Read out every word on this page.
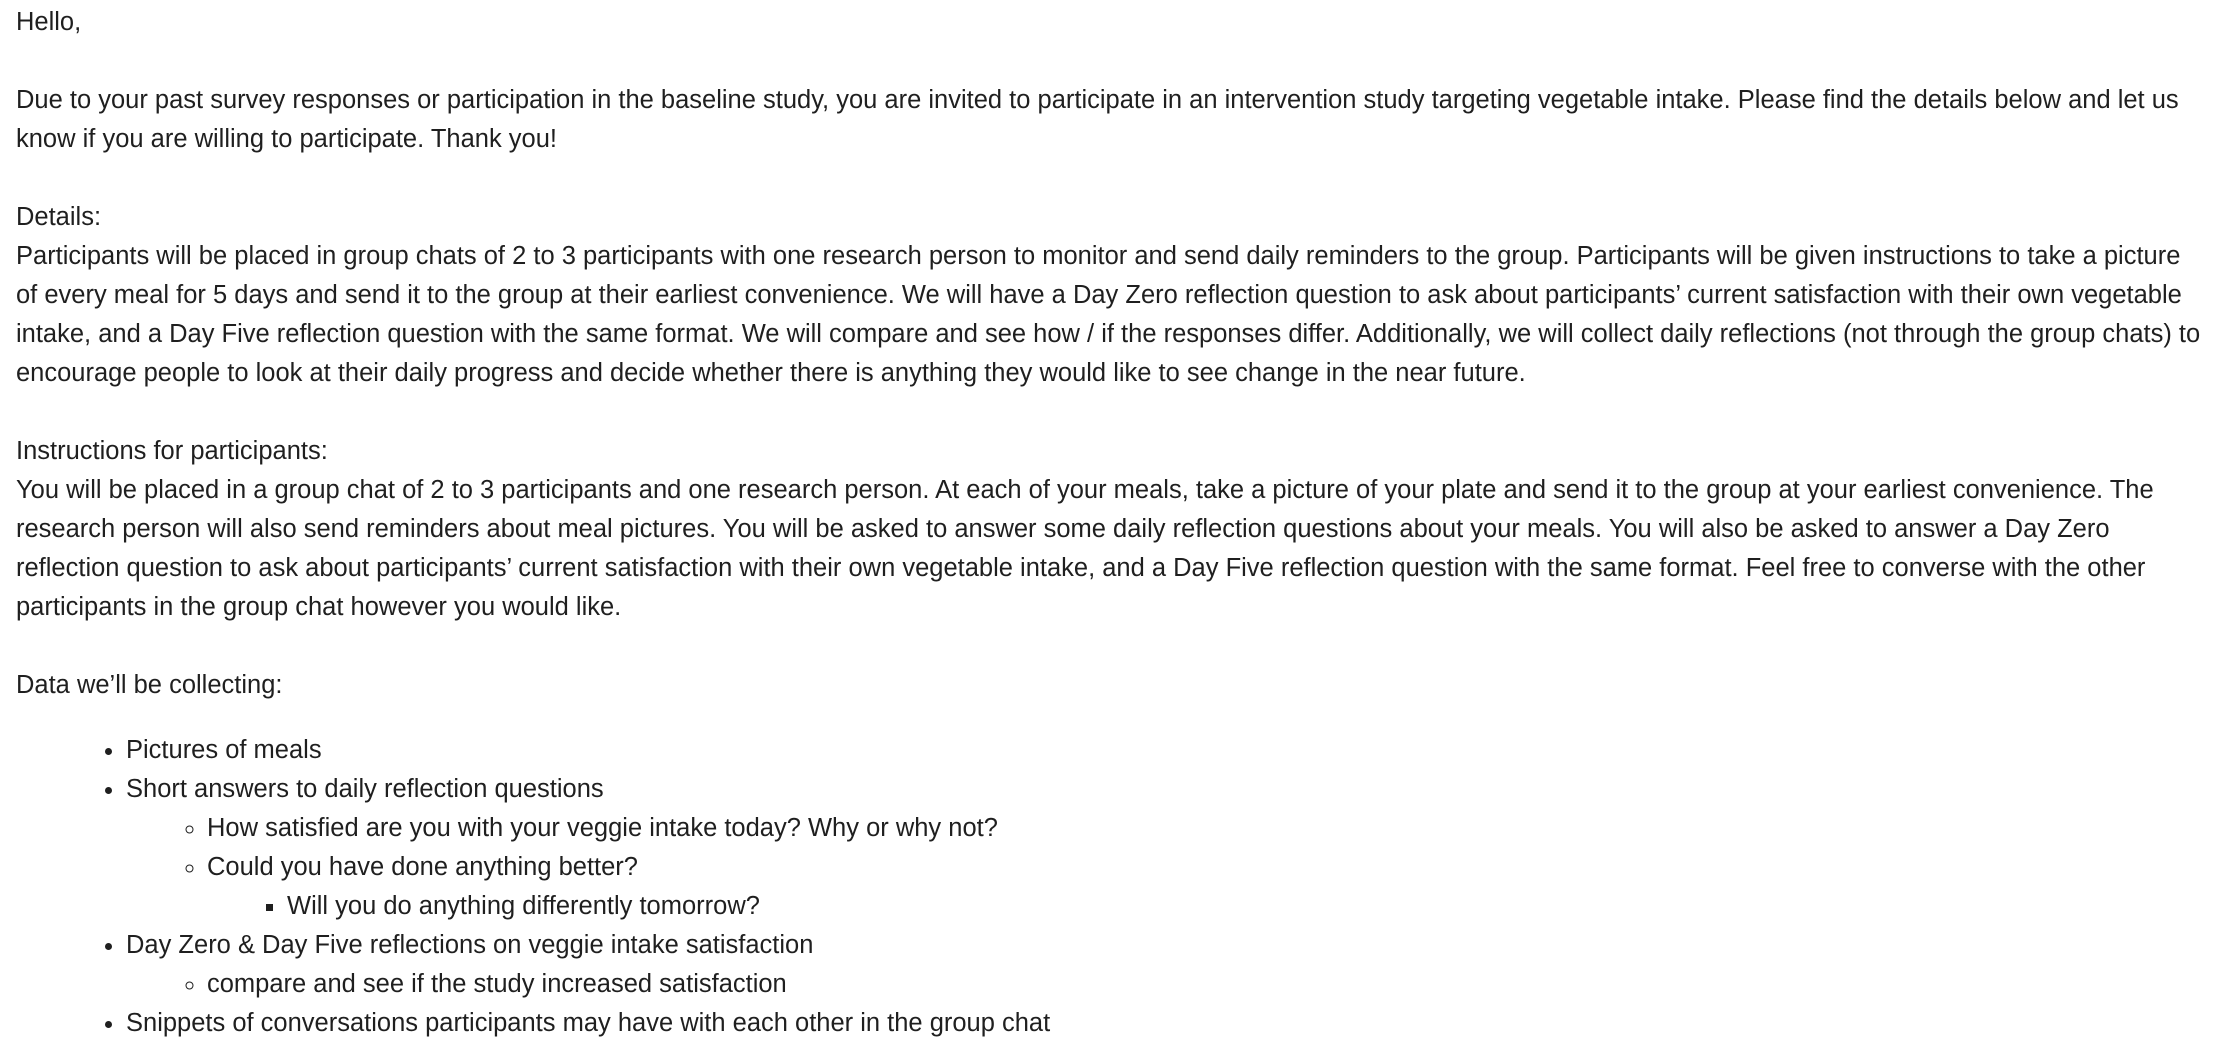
Hello,

Due to your past survey responses or participation in the baseline study, you are invited to participate in an intervention study targeting vegetable intake. Please find the details below and let us know if you are willing to participate. Thank you!

Details:

Participants will be placed in group chats of 2 to 3 participants with one research person to monitor and send daily reminders to the group. Participants will be given instructions to take a picture of every meal for 5 days and send it to the group at their earliest convenience. We will have a Day Zero reflection question to ask about participants’ current satisfaction with their own vegetable intake, and a Day Five reflection question with the same format. We will compare and see how / if the responses differ. Additionally, we will collect daily reflections (not through the group chats) to encourage people to look at their daily progress and decide whether there is anything they would like to see change in the near future.

Instructions for participants:

You will be placed in a group chat of 2 to 3 participants and one research person. At each of your meals, take a picture of your plate and send it to the group at your earliest convenience. The research person will also send reminders about meal pictures. You will be asked to answer some daily reflection questions about your meals. You will also be asked to answer a Day Zero reflection question to ask about participants’ current satisfaction with their own vegetable intake, and a Day Five reflection question with the same format. Feel free to converse with the other participants in the group chat however you would like.

Data we’ll be collecting:

• Pictures of meals
• Short answers to daily reflection questions
◦ How satisfied are you with your veggie intake today? Why or why not?
◦ Could you have done anything better?
▪ Will you do anything differently tomorrow?
• Day Zero & Day Five reflections on veggie intake satisfaction
◦ compare and see if the study increased satisfaction
• Snippets of conversations participants may have with each other in the group chat
